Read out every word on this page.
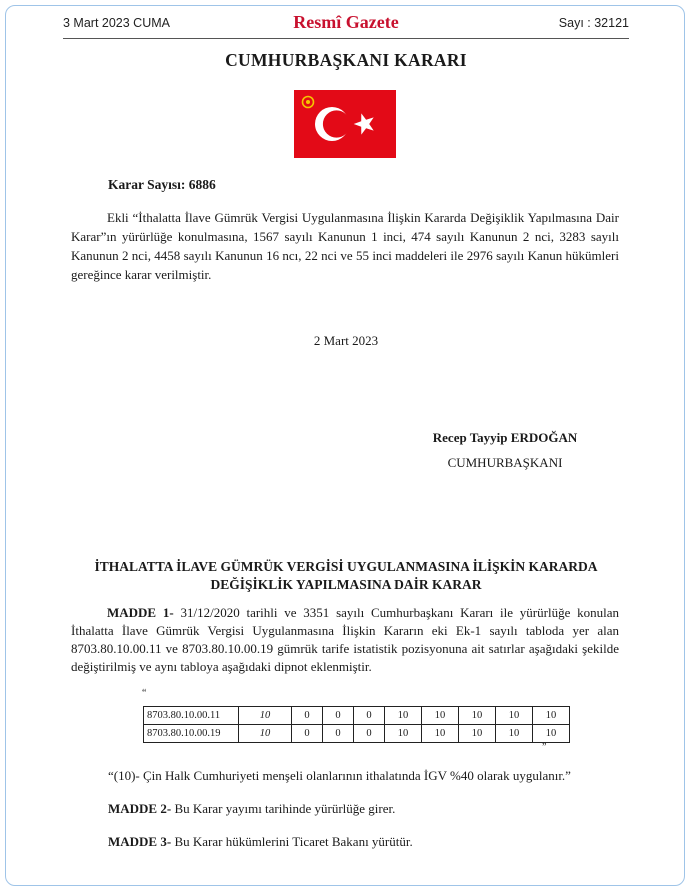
3 Mart 2023 CUMA	Resmî Gazete	Sayı : 32121
CUMHURBAŞKANI KARARI
Karar Sayısı: 6886
Ekli “İthalatta İlave Gümrük Vergisi Uygulanmasına İlişkin Kararda Değişiklik Yapılmasına Dair Karar”ın yürürlüğe konulmasına, 1567 sayılı Kanunun 1 inci, 474 sayılı Kanunun 2 nci, 3283 sayılı Kanunun 2 nci, 4458 sayılı Kanunun 16 ncı, 22 nci ve 55 inci maddeleri ile 2976 sayılı Kanun hükümleri gereğince karar verilmiştir.
2 Mart 2023
Recep Tayyip ERDOĞAN
CUMHURBAŞKANI
İTHALATTA İLAVE GÜMRÜK VERGİSİ UYGULANMASINA İLİŞKİN KARARDA
DEĞİŞİKLİK YAPILMASINA DAİR KARAR
MADDE 1- 31/12/2020 tarihli ve 3351 sayılı Cumhurbaşkanı Kararı ile yürürlüğe konulan İthalatta İlave Gümrük Vergisi Uygulanmasına İlişkin Kararın eki Ek-1 sayılı tabloda yer alan 8703.80.10.00.11 ve 8703.80.10.00.19 gümrük tarife istatistik pozisyonuna ait satırlar aşağıdaki şekilde değiştirilmiş ve aynı tabloya aşağıdaki dipnot eklenmiştir.
“
8703.80.10.00.11	10	0	0	0	10	10	10	10	10
8703.80.10.00.19	10	0	0	0	10	10	10	10	10
”
“(10)- Çin Halk Cumhuriyeti menşeli olanlarının ithalatında İGV %40 olarak uygulanır.”
MADDE 2- Bu Karar yayımı tarihinde yürürlüğe girer.
MADDE 3- Bu Karar hükümlerini Ticaret Bakanı yürütür.
